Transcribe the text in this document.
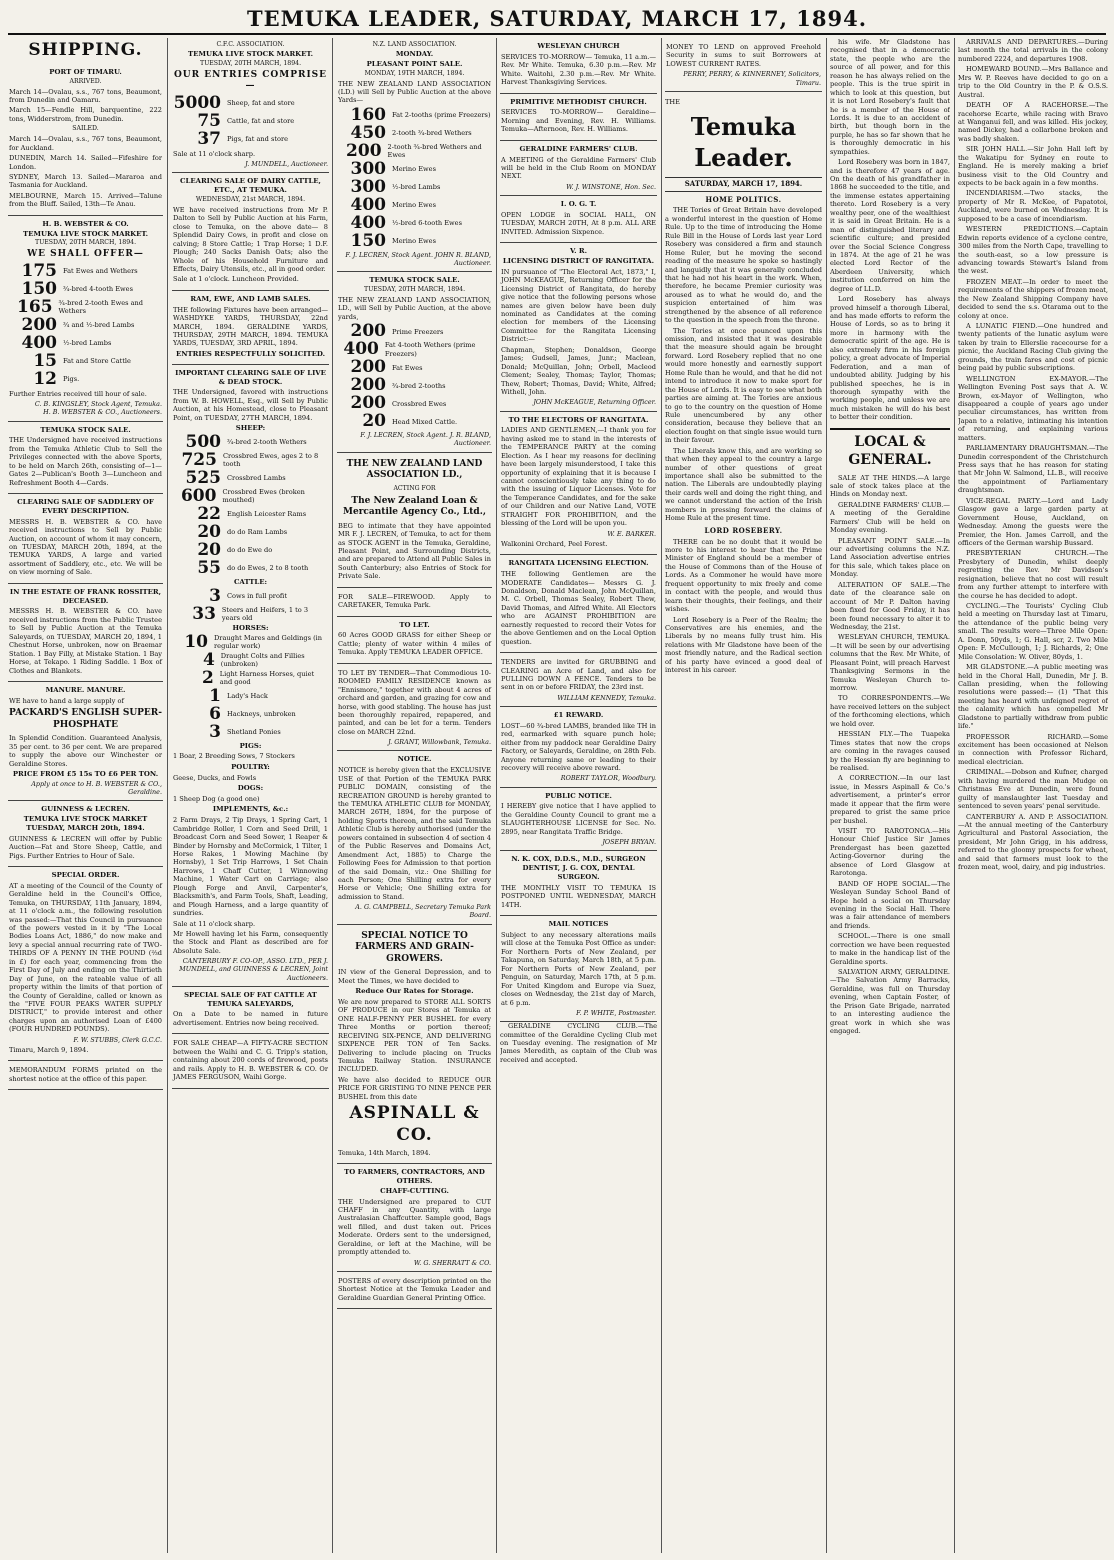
TEMUKA LEADER, SATURDAY, MARCH 17, 1894.
SHIPPING.
PORT OF TIMARU.
ARRIVED.

March 14—Ovalau, s.s., 767 tons, Beaumont, from Dunedin and Oamaru.

March 15—Fendle Hill, barquentine, 222 tons, Widderstrom, from Dunedin.

SAILED.

March 14—Ovalau, s.s., 767 tons, Beaumont, for Auckland.

DUNEDIN, March 14. Sailed—Fifeshire for London.

SYDNEY, March 13. Sailed—Mararoa and Tasmania for Auckland.

MELBOURNE, March 15. Arrived—Talune from the Bluff. Sailed, 13th—Te Anau.

H. B. WEBSTER & CO.
TEMUKA LIVE STOCK MARKET.
TUESDAY, 20TH MARCH, 1894.
WE SHALL OFFER—
175 Fat Ewes and Wethers
150 ¾-bred 4-tooth Ewes
165 ¾-bred 2-tooth Ewes and Wethers
200 ¾ and ½-bred Lambs
400 ½-bred Lambs
15 Fat and Store Cattle
12 Pigs.

Further Entries received till hour of sale.

C. B. KINGSLEY, Stock Agent, Temuka.
H. B. WEBSTER & CO., Auctioneers.
TEMUKA STOCK SALE.

THE Undersigned have received instructions from the Temuka Athletic Club to Sell the Privileges connected with the above Sports, to be held on March 26th, consisting of—1—Gates 2—Publican's Booth 3—Luncheon and Refreshment Booth 4—Cards.

CLEARING SALE OF SADDLERY OF EVERY DESCRIPTION.

MESSRS H. B. WEBSTER & CO. have received instructions to Sell by Public Auction, on account of whom it may concern, on TUESDAY, MARCH 20th, 1894, at the TEMUKA YARDS, A large and varied assortment of Saddlery, etc., etc. We will be on view morning of Sale.

IN THE ESTATE OF FRANK ROSSITER, DECEASED.

MESSRS H. B. WEBSTER & CO. have received instructions from the Public Trustee to Sell by Public Auction at the Temuka Saleyards, on TUESDAY, MARCH 20, 1894, 1 Chestnut Horse, unbroken, now on Braemar Station. 1 Bay Filly, at Mistake Station. 1 Bay Horse, at Tekapo. 1 Riding Saddle. 1 Box of Clothes and Blankets.

MANURE. MANURE.

WE have to hand a large supply of

PACKARD'S ENGLISH SUPER-PHOSPHATE

In Splendid Condition. Guaranteed Analysis, 35 per cent. to 36 per cent. We are prepared to supply the above our Winchester or Geraldine Stores.

PRICE FROM £5 15s TO £6 PER TON.
Apply at once to H. B. WEBSTER & CO., Geraldine.
GUINNESS & LECREN.
TEMUKA LIVE STOCK MARKET TUESDAY, MARCH 20th, 1894.

GUINNESS & LECREN will offer by Public Auction—Fat and Store Sheep, Cattle, and Pigs. Further Entries to Hour of Sale.

SPECIAL ORDER.

AT a meeting of the Council of the County of Geraldine held in the Council's Office, Temuka, on THURSDAY, 11th January, 1894, at 11 o'clock a.m., the following resolution was passed:—That this Council in pursuance of the powers vested in it by "The Local Bodies Loans Act, 1886," do now make and levy a special annual recurring rate of TWO-THIRDS OF A PENNY IN THE POUND (⅔d in £) for each year, commencing from the First Day of July and ending on the Thirtieth Day of June, on the rateable value of all property within the limits of that portion of the County of Geraldine, called or known as the "FIVE FOUR PEAKS WATER SUPPLY DISTRICT," to provide interest and other charges upon an authorised Loan of £400 (FOUR HUNDRED POUNDS).

F. W. STUBBS, Clerk G.C.C.

Timaru, March 9, 1894.

MEMORANDUM FORMS printed on the shortest notice at the office of this paper.

C.F.C. ASSOCIATION.
TEMUKA LIVE STOCK MARKET.
TUESDAY, 20TH MARCH, 1894.
OUR ENTRIES COMPRISE—
5000 Sheep, fat and store
75 Cattle, fat and store
37 Pigs, fat and store

Sale at 11 o'clock sharp.

J. MUNDELL, Auctioneer.
CLEARING SALE OF DAIRY CATTLE, ETC., AT TEMUKA.
WEDNESDAY, 21st MARCH, 1894.

WE have received instructions from Mr P. Dalton to Sell by Public Auction at his Farm, close to Temuka, on the above date— 8 Splendid Dairy Cows, in profit and close on calving; 8 Store Cattle; 1 Trap Horse; 1 D.F. Plough; 240 Sacks Danish Oats; also the Whole of his Household Furniture and Effects, Dairy Utensils, etc., all in good order.

Sale at 1 o'clock. Luncheon Provided.

RAM, EWE, AND LAMB SALES.

THE following Fixtures have been arranged— WASHDYKE YARDS, THURSDAY, 22nd MARCH, 1894. GERALDINE YARDS, THURSDAY, 29TH MARCH, 1894. TEMUKA YARDS, TUESDAY, 3RD APRIL, 1894.

ENTRIES RESPECTFULLY SOLICITED.
IMPORTANT CLEARING SALE OF LIVE & DEAD STOCK.

THE Undersigned, favored with instructions from W. B. HOWELL, Esq., will Sell by Public Auction, at his Homestead, close to Pleasant Point, on TUESDAY, 27TH MARCH, 1894.

SHEEP:
500 ¾-bred 2-tooth Wethers
725 Crossbred Ewes, ages 2 to 8 tooth
525 Crossbred Lambs
600 Crossbred Ewes (broken mouthed)
22 English Leicester Rams
20 do do Ram Lambs
20 do do Ewe do
55 do do Ewes, 2 to 8 tooth
CATTLE:
3 Cows in full profit
33 Steers and Heifers, 1 to 3 years old
HORSES:
10 Draught Mares and Geldings (in regular work)
4 Draught Colts and Fillies (unbroken)
2 Light Harness Horses, quiet and good
1 Lady's Hack
6 Hackneys, unbroken
3 Shetland Ponies
PIGS:

1 Boar, 2 Breeding Sows, 7 Stockers

POULTRY:

Geese, Ducks, and Fowls

DOGS:

1 Sheep Dog (a good one)

IMPLEMENTS, &c.:

2 Farm Drays, 2 Tip Drays, 1 Spring Cart, 1 Cambridge Roller, 1 Corn and Seed Drill, 1 Broadcast Corn and Seed Sower, 1 Reaper & Binder by Hornsby and McCormick, 1 Tilter, 1 Horse Rakes, 1 Mowing Machine (by Hornsby), 1 Set Trip Harrows, 1 Set Chain Harrows, 1 Chaff Cutter, 1 Winnowing Machine, 1 Water Cart on Carriage; also Plough Forge and Anvil, Carpenter's, Blacksmith's, and Farm Tools, Shaft, Leading, and Plough Harness, and a large quantity of sundries.

Sale at 11 o'clock sharp.

Mr Howell having let his Farm, consequently the Stock and Plant as described are for Absolute Sale.

CANTERBURY F. CO-OP., ASSO. LTD., PER J. MUNDELL, and GUINNESS & LECREN, Joint Auctioneers.
SPECIAL SALE OF FAT CATTLE AT TEMUKA SALEYARDS,

On a Date to be named in future advertisement. Entries now being received.

FOR SALE CHEAP—A FIFTY-ACRE SECTION between the Waihi and C. G. Tripp's station, containing about 200 cords of firewood, posts and rails. Apply to H. B. WEBSTER & CO. Or JAMES FERGUSON, Waihi Gorge.

N.Z. LAND ASSOCIATION.
MONDAY.
PLEASANT POINT SALE.
MONDAY, 19TH MARCH, 1894.

THE NEW ZEALAND LAND ASSOCIATION (LD.) will Sell by Public Auction at the above Yards—

160 Fat 2-tooths (prime Freezers)
450 2-tooth ¾-bred Wethers
200 2-tooth ¾-bred Wethers and Ewes
300 Merino Ewes
300 ½-bred Lambs
400 Merino Ewes
400 ½-bred 6-tooth Ewes
150 Merino Ewes
F. J. LECREN, Stock Agent. JOHN R. BLAND, Auctioneer.
TEMUKA STOCK SALE.
TUESDAY, 20TH MARCH, 1894.

THE NEW ZEALAND LAND ASSOCIATION, LD., will Sell by Public Auction, at the above yards,

200 Prime Freezers
400 Fat 4-tooth Wethers (prime Freezers)
200 Fat Ewes
200 ¾-bred 2-tooths
200 Crossbred Ewes
20 Head Mixed Cattle.
F. J. LECREN, Stock Agent. J. R. BLAND, Auctioneer.
THE NEW ZEALAND LAND ASSOCIATION LD.,
ACTING FOR
The New Zealand Loan & Mercantile Agency Co., Ltd.,

BEG to intimate that they have appointed MR F. J. LECREN, of Temuka, to act for them as STOCK AGENT in the Temuka, Geraldine, Pleasant Point, and Surrounding Districts, and are prepared to Attend all Public Sales in South Canterbury; also Entries of Stock for Private Sale.

FOR SALE—FIREWOOD. Apply to CARETAKER, Temuka Park.

TO LET.

60 Acres GOOD GRASS for either Sheep or Cattle; plenty of water within 4 miles of Temuka. Apply TEMUKA LEADER OFFICE.

TO LET BY TENDER—That Commodious 10-ROOMED FAMILY RESIDENCE known as "Ennismore," together with about 4 acres of orchard and garden, and grazing for cow and horse, with good stabling. The house has just been thoroughly repaired, repapered, and painted, and can be let for a term. Tenders close on MARCH 22nd.

J. GRANT, Willowbank, Temuka.
NOTICE.

NOTICE is hereby given that the EXCLUSIVE USE of that Portion of the TEMUKA PARK PUBLIC DOMAIN, consisting of the RECREATION GROUND is hereby granted to the TEMUKA ATHLETIC CLUB for MONDAY, MARCH 26TH, 1894, for the purpose of holding Sports thereon, and the said Temuka Athletic Club is hereby authorised (under the powers contained in subsection 4 of section 4 of the Public Reserves and Domains Act, Amendment Act, 1885) to Charge the Following Fees for Admission to that portion of the said Domain, viz.: One Shilling for each Person; One Shilling extra for every Horse or Vehicle; One Shilling extra for admission to Stand.

A. G. CAMPBELL, Secretary Temuka Park Board.
SPECIAL NOTICE TO FARMERS AND GRAIN-GROWERS.

IN view of the General Depression, and to Meet the Times, we have decided to

Reduce Our Rates for Storage.

We are now prepared to STORE ALL SORTS OF PRODUCE in our Stores at Temuka at ONE HALF-PENNY PER BUSHEL for every Three Months or portion thereof; RECEIVING SIX-PENCE, AND DELIVERING SIXPENCE PER TON of Ten Sacks. Delivering to include placing on Trucks Temuka Railway Station. INSURANCE INCLUDED.

We have also decided to REDUCE OUR PRICE FOR GRISTING TO NINE PENCE PER BUSHEL from this date

ASPINALL & CO.

Temuka, 14th March, 1894.

TO FARMERS, CONTRACTORS, AND OTHERS.
CHAFF-CUTTING.

THE Undersigned are prepared to CUT CHAFF in any Quantity, with large Australasian Chaffcutter. Sample good, Bags well filled, and dust taken out. Prices Moderate. Orders sent to the undersigned, Geraldine, or left at the Machine, will be promptly attended to.

W. G. SHERRATT & CO.

POSTERS of every description printed on the Shortest Notice at the Temuka Leader and Geraldine Guardian General Printing Office.

WESLEYAN CHURCH

SERVICES TO-MORROW— Temuka, 11 a.m.—Rev. Mr White. Temuka, 6.30 p.m.—Rev. Mr White. Waitohi, 2.30 p.m.—Rev. Mr White. Harvest Thanksgiving Services.

PRIMITIVE METHODIST CHURCH.

SERVICES TO-MORROW— Geraldine—Morning and Evening, Rev. H. Williams. Temuka—Afternoon, Rev. H. Williams.

GERALDINE FARMERS' CLUB.

A MEETING of the Geraldine Farmers' Club will be held in the Club Room on MONDAY NEXT.

W. J. WINSTONE, Hon. Sec.
I. O. G. T.

OPEN LODGE in SOCIAL HALL, ON TUESDAY, MARCH 20TH, At 8 p.m. ALL ARE INVITED. Admission Sixpence.

V. R.
LICENSING DISTRICT OF RANGITATA.

IN pursuance of "The Electoral Act, 1873," I, JOHN McKEAGUE, Returning Officer for the Licensing District of Rangitata, do hereby give notice that the following persons whose names are given below have been duly nominated as Candidates at the coming election for members of the Licensing Committee for the Rangitata Licensing District:—

Chapman, Stephen; Donaldson, George James; Gudsell, James, Junr.; Maclean, Donald; McQuillan, John; Orbell, Macleod Clement; Sealey, Thomas; Taylor, Thomas; Thew, Robert; Thomas, David; White, Alfred; Withell, John.

JOHN McKEAGUE, Returning Officer.
TO THE ELECTORS OF RANGITATA.

LADIES AND GENTLEMEN,—I thank you for having asked me to stand in the interests of the TEMPERANCE PARTY at the coming Election. As I hear my reasons for declining have been largely misunderstood, I take this opportunity of explaining that it is because I cannot conscientiously take any thing to do with the issuing of Liquor Licenses. Vote for the Temperance Candidates, and for the sake of our Children and our Native Land, VOTE STRAIGHT FOR PROHIBITION, and the blessing of the Lord will be upon you.

W. E. BARKER.

Walkonini Orchard, Peel Forest.

RANGITATA LICENSING ELECTION.

THE following Gentlemen are the MODERATE Candidates— Messrs G. J. Donaldson, Donald Maclean, John McQuillan, M. C. Orbell, Thomas Sealey, Robert Thew, David Thomas, and Alfred White. All Electors who are AGAINST PROHIBITION are earnestly requested to record their Votes for the above Gentlemen and on the Local Option question.

TENDERS are invited for GRUBBING and CLEARING an Acre of Land, and also for PULLING DOWN A FENCE. Tenders to be sent in on or before FRIDAY, the 23rd inst.

WILLIAM KENNEDY, Temuka.
£1 REWARD.

LOST—60 ¾-bred LAMBS, branded like TH in red, earmarked with square punch hole; either from my paddock near Geraldine Dairy Factory, or Saleyards, Geraldine, on 28th Feb. Anyone returning same or leading to their recovery will receive above reward.

ROBERT TAYLOR, Woodbury.
PUBLIC NOTICE.

I HEREBY give notice that I have applied to the Geraldine County Council to grant me a SLAUGHTERHOUSE LICENSE for Sec. No. 2895, near Rangitata Traffic Bridge.

JOSEPH BRYAN.
N. K. COX, D.D.S., M.D., SURGEON DENTIST, J. G. COX, DENTAL SURGEON.

THE MONTHLY VISIT TO TEMUKA IS POSTPONED UNTIL WEDNESDAY, MARCH 14TH.

MAIL NOTICES

Subject to any necessary alterations mails will close at the Temuka Post Office as under: For Northern Ports of New Zealand, per Takapuna, on Saturday, March 18th, at 5 p.m. For Northern Ports of New Zealand, per Penguin, on Saturday, March 17th, at 5 p.m. For United Kingdom and Europe via Suez, closes on Wednesday, the 21st day of March, at 6 p.m.

F. P. WHITE, Postmaster.

GERALDINE CYCLING CLUB.—The committee of the Geraldine Cycling Club met on Tuesday evening. The resignation of Mr James Meredith, as captain of the Club was received and accepted.

MONEY TO LEND on approved Freehold Security in sums to suit Borrowers at LOWEST CURRENT RATES.

PERRY, PERRY, & KINNERNEY, Solicitors, Timaru.
THE
Temuka Leader.
SATURDAY, MARCH 17, 1894.
HOME POLITICS.

THE Tories of Great Britain have developed a wonderful interest in the question of Home Rule. Up to the time of introducing the Home Rule Bill in the House of Lords last year Lord Rosebery was considered a firm and staunch Home Ruler, but he moving the second reading of the measure he spoke so hastingly and languidly that it was generally concluded that he had not his heart in the work. When, therefore, he became Premier curiosity was aroused as to what he would do, and the suspicion entertained of him was strengthened by the absence of all reference to the question in the speech from the throne.

The Tories at once pounced upon this omission, and insisted that it was desirable that the measure should again be brought forward. Lord Rosebery replied that no one would more honestly and earnestly support Home Rule than he would, and that he did not intend to introduce it now to make sport for the House of Lords. It is easy to see what both parties are aiming at. The Tories are anxious to go to the country on the question of Home Rule unencumbered by any other consideration, because they believe that an election fought on that single issue would turn in their favour.

The Liberals know this, and are working so that when they appeal to the country a large number of other questions of great importance shall also be submitted to the nation. The Liberals are undoubtedly playing their cards well and doing the right thing, and we cannot understand the action of the Irish members in pressing forward the claims of Home Rule at the present time.

LORD ROSEBERY.

THERE can be no doubt that it would be more to his interest to hear that the Prime Minister of England should be a member of the House of Commons than of the House of Lords. As a Commoner he would have more frequent opportunity to mix freely and come in contact with the people, and would thus learn their thoughts, their feelings, and their wishes.

Lord Rosebery is a Peer of the Realm; the Conservatives are his enemies, and the Liberals by no means fully trust him. His relations with Mr Gladstone have been of the most friendly nature, and the Radical section of his party have evinced a good deal of interest in his career.

his wife. Mr Gladstone has recognised that in a democratic state, the people who are the source of all power, and for this reason he has always relied on the people. This is the true spirit in which to look at this question, but it is not Lord Rosebery's fault that he is a member of the House of Lords. It is due to an accident of birth, but though born in the purple, he has so far shown that he is thoroughly democratic in his sympathies.

Lord Rosebery was born in 1847, and is therefore 47 years of age. On the death of his grandfather in 1868 he succeeded to the title, and the immense estates appertaining thereto. Lord Rosebery is a very wealthy peer, one of the wealthiest it is said in Great Britain. He is a man of distinguished literary and scientific culture; and presided over the Social Science Congress in 1874. At the age of 21 he was elected Lord Rector of the Aberdeen University, which institution conferred on him the degree of LL.D.

Lord Rosebery has always proved himself a thorough Liberal, and has made efforts to reform the House of Lords, so as to bring it more in harmony with the democratic spirit of the age. He is also extremely firm in his foreign policy, a great advocate of Imperial Federation, and a man of undoubted ability. Judging by his published speeches, he is in thorough sympathy with the working people, and unless we are much mistaken he will do his best to better their condition.

LOCAL & GENERAL.

SALE AT THE HINDS.—A large sale of stock takes place at the Hinds on Monday next.

GERALDINE FARMERS' CLUB.—A meeting of the Geraldine Farmers' Club will be held on Monday evening.

PLEASANT POINT SALE.—In our advertising columns the N.Z. Land Association advertise entries for this sale, which takes place on Monday.

ALTERATION OF SALE.—The date of the clearance sale on account of Mr P. Dalton having been fixed for Good Friday, it has been found necessary to alter it to Wednesday, the 21st.

WESLEYAN CHURCH, TEMUKA.—It will be seen by our advertising columns that the Rev. Mr White, of Pleasant Point, will preach Harvest Thanksgiving Sermons in the Temuka Wesleyan Church to-morrow.

TO CORRESPONDENTS.—We have received letters on the subject of the forthcoming elections, which we hold over.

HESSIAN FLY.—The Tuapeka Times states that now the crops are coming in the ravages caused by the Hessian fly are beginning to be realised.

A CORRECTION.—In our last issue, in Messrs Aspinall & Co.'s advertisement, a printer's error made it appear that the firm were prepared to grist the same price per bushel.

VISIT TO RAROTONGA.—His Honour Chief Justice Sir James Prendergast has been gazetted Acting-Governor during the absence of Lord Glasgow at Rarotonga.

BAND OF HOPE SOCIAL.—The Wesleyan Sunday School Band of Hope held a social on Thursday evening in the Social Hall. There was a fair attendance of members and friends.

SCHOOL.—There is one small correction we have been requested to make in the handicap list of the Geraldine sports.

SALVATION ARMY, GERALDINE.—The Salvation Army Barracks, Geraldine, was full on Thursday evening, when Captain Foster, of the Prison Gate Brigade, narrated to an interesting audience the great work in which she was engaged.

ARRIVALS AND DEPARTURES.—During last month the total arrivals in the colony numbered 2224, and departures 1908.

HOMEWARD BOUND.—Mrs Ballance and Mrs W. P. Reeves have decided to go on a trip to the Old Country in the P. & O.S.S. Austral.

DEATH OF A RACEHORSE.—The racehorse Ecarte, while racing with Bravo at Wanganui fell, and was killed. His jockey, named Dickey, had a collarbone broken and was badly shaken.

SIR JOHN HALL.—Sir John Hall left by the Wakatipu for Sydney en route to England. He is merely making a brief business visit to the Old Country and expects to be back again in a few months.

INCENDIARISM.—Two stacks, the property of Mr R. McKee, of Papatotoi, Auckland, were burned on Wednesday. It is supposed to be a case of incendiarism.

WESTERN PREDICTIONS.—Captain Edwin reports evidence of a cyclone centre, 300 miles from the North Cape, travelling to the south-east, so a low pressure is advancing towards Stewart's Island from the west.

FROZEN MEAT.—In order to meet the requirements of the shippers of frozen meat, the New Zealand Shipping Company have decided to send the s.s. Otarama out to the colony at once.

A LUNATIC FIEND.—One hundred and twenty patients of the lunatic asylum were taken by train to Ellerslie racecourse for a picnic, the Auckland Racing Club giving the grounds, the train fares and cost of picnic being paid by public subscriptions.

WELLINGTON EX-MAYOR.—The Wellington Evening Post says that A. W. Brown, ex-Mayor of Wellington, who disappeared a couple of years ago under peculiar circumstances, has written from Japan to a relative, intimating his intention of returning, and explaining various matters.

PARLIAMENTARY DRAUGHTSMAN.—The Dunedin correspondent of the Christchurch Press says that he has reason for stating that Mr John W. Salmond, LL.B., will receive the appointment of Parliamentary draughtsman.

VICE-REGAL PARTY.—Lord and Lady Glasgow gave a large garden party at Government House, Auckland, on Wednesday. Among the guests were the Premier, the Hon. James Carroll, and the officers of the German warship Bussard.

PRESBYTERIAN CHURCH.—The Presbytery of Dunedin, whilst deeply regretting the Rev. Mr Davidson's resignation, believe that no cost will result from any further attempt to interfere with the course he has decided to adopt.

CYCLING.—The Tourists' Cycling Club held a meeting on Thursday last at Timaru, the attendance of the public being very small. The results were—Three Mile Open: A. Donn, 50yds, 1; G. Hall, scr, 2. Two Mile Open: F. McCullough, 1; J. Richards, 2; One Mile Consolation: W. Oliver, 80yds, 1.

MR GLADSTONE.—A public meeting was held in the Choral Hall, Dunedin, Mr J. B. Callan presiding, when the following resolutions were passed:— (1) "That this meeting has heard with unfeigned regret of the calamity which has compelled Mr Gladstone to partially withdraw from public life."

PROFESSOR RICHARD.—Some excitement has been occasioned at Nelson in connection with Professor Richard, medical electrician.

CRIMINAL.—Dobson and Kufner, charged with having murdered the man Mudge on Christmas Eve at Dunedin, were found guilty of manslaughter last Tuesday and sentenced to seven years' penal servitude.

CANTERBURY A. AND P. ASSOCIATION.—At the annual meeting of the Canterbury Agricultural and Pastoral Association, the president, Mr John Grigg, in his address, referred to the gloomy prospects for wheat, and said that farmers must look to the frozen meat, wool, dairy, and pig industries.
